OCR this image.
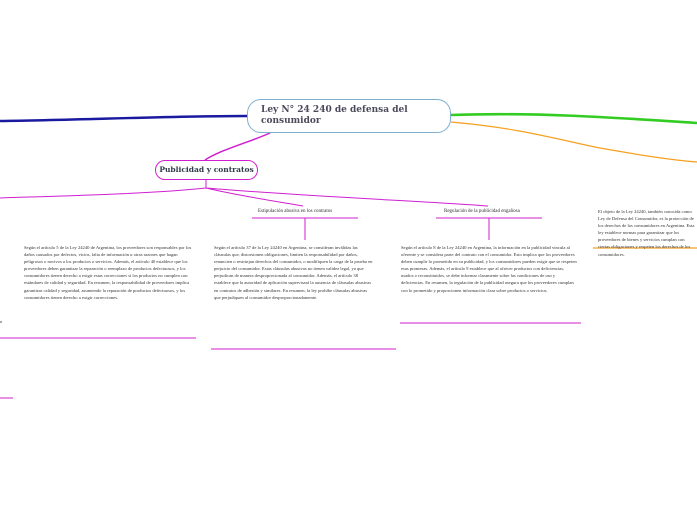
Ley N° 24 240 de defensa del consumidor
Publicidad y contratos
Estipulación abusiva en los contratos	Regulación de la publicidad engañosa
Según el artículo 5 de la Ley 24240 de Argentina, los proveedores son responsables por los daños causados por defectos, vicios, falta de información u otras razones que hagan peligrosos o nocivos a los productos o servicios. Además, el artículo 40 establece que los proveedores deben garantizar la reparación o reemplazo de productos defectuosos, y los consumidores tienen derecho a exigir estas correcciones si los productos no cumplen con estándares de calidad y seguridad. En resumen, la responsabilidad de proveedores implica garantizar calidad y seguridad, asumiendo la reparación de productos defectuosos, y los consumidores tienen derecho a exigir correcciones.
Según el artículo 37 de la Ley 24240 en Argentina, se consideran inválidas las cláusulas que, distorsionen obligaciones, limiten la responsabilidad por daños, renuncien o restrinjan derechos del consumidor, o modifiquen la carga de la prueba en perjuicio del consumidor. Estas cláusulas abusivas no tienen validez legal, ya que perjudican de manera desproporcionada al consumidor. Además, el artículo 38 establece que la autoridad de aplicación supervisará la ausencia de cláusulas abusivas en contratos de adhesión y similares. En resumen, la ley prohíbe cláusulas abusivas que perjudiquen al consumidor desproporcionadamente.
Según el artículo 8 de la Ley 24240 en Argentina, la información en la publicidad vincula al oferente y se considera parte del contrato con el consumidor. Esto implica que los proveedores deben cumplir lo prometido en su publicidad, y los consumidores pueden exigir que se respeten esas promesas. Además, el artículo 9 establece que al ofrecer productos con deficiencias, usados o reconstituidos, se debe informar claramente sobre las condiciones de uso y deficiencias. En resumen, la regulación de la publicidad asegura que los proveedores cumplan con lo prometido y proporcionen información clara sobre productos o servicios.
El objeto de la Ley 24240, también conocida como Ley de Defensa del Consumidor, es la protección de los derechos de los consumidores en Argentina. Esta ley establece normas para garantizar que los proveedores de bienes y servicios cumplan con ciertas obligaciones y respeten los derechos de los consumidores.
